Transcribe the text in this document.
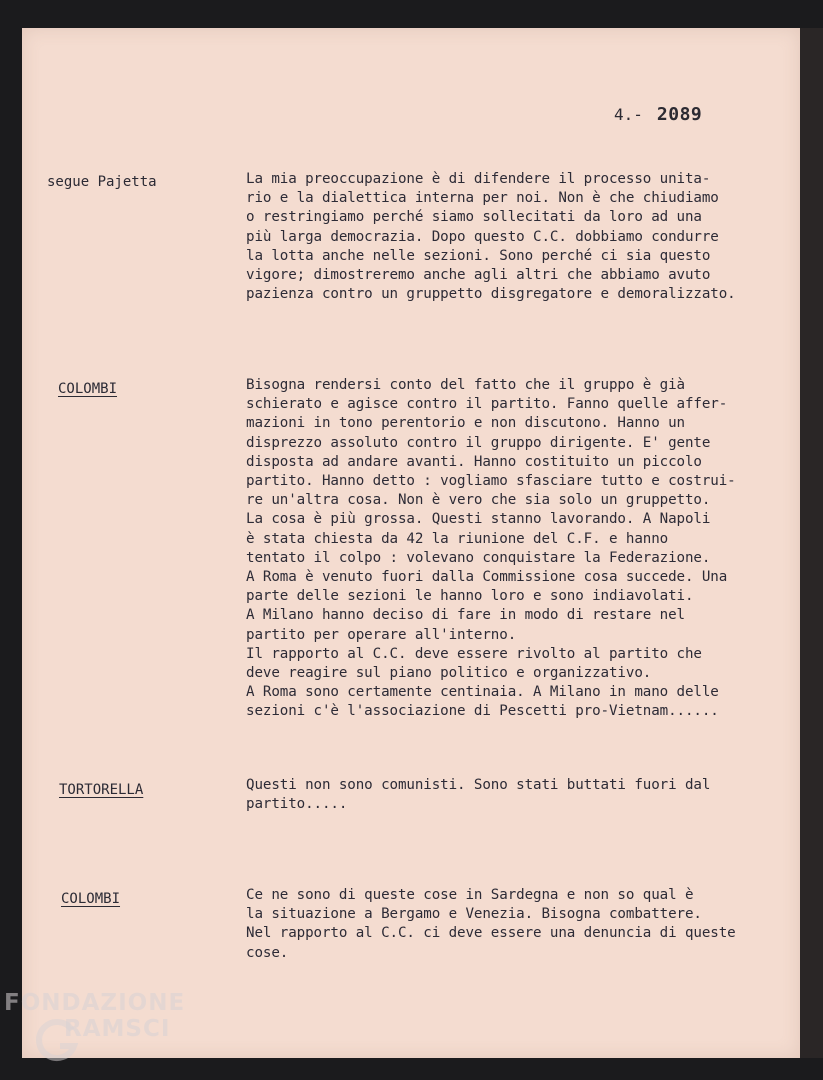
4.- 2089
segue Pajetta	La mia preoccupazione è di difendere il processo unita-
rio e la dialettica interna per noi. Non è che chiudiamo
o restringiamo perché siamo sollecitati da loro ad una
più larga democrazia. Dopo questo C.C. dobbiamo condurre
la lotta anche nelle sezioni. Sono perché ci sia questo
vigore; dimostreremo anche agli altri che abbiamo avuto
pazienza contro un gruppetto disgregatore e demoralizzato.
COLOMBI	Bisogna rendersi conto del fatto che il gruppo è già
schierato e agisce contro il partito. Fanno quelle affer-
mazioni in tono perentorio e non discutono. Hanno un
disprezzo assoluto contro il gruppo dirigente. E' gente
disposta ad andare avanti. Hanno costituito un piccolo
partito. Hanno detto : vogliamo sfasciare tutto e costrui-
re un'altra cosa. Non è vero che sia solo un gruppetto.
La cosa è più grossa. Questi stanno lavorando. A Napoli
è stata chiesta da 42 la riunione del C.F. e hanno
tentato il colpo : volevano conquistare la Federazione.
A Roma è venuto fuori dalla Commissione cosa succede. Una
parte delle sezioni le hanno loro e sono indiavolati.
A Milano hanno deciso di fare in modo di restare nel
partito per operare all'interno.
Il rapporto al C.C. deve essere rivolto al partito che
deve reagire sul piano politico e organizzativo.
A Roma sono certamente centinaia. A Milano in mano delle
sezioni c'è l'associazione di Pescetti pro-Vietnam......
TORTORELLA	Questi non sono comunisti. Sono stati buttati fuori dal
partito.....
COLOMBI	Ce ne sono di queste cose in Sardegna e non so qual è
la situazione a Bergamo e Venezia. Bisogna combattere.
Nel rapporto al C.C. ci deve essere una denuncia di queste
cose.
FONDAZIONE
RAMSCI
